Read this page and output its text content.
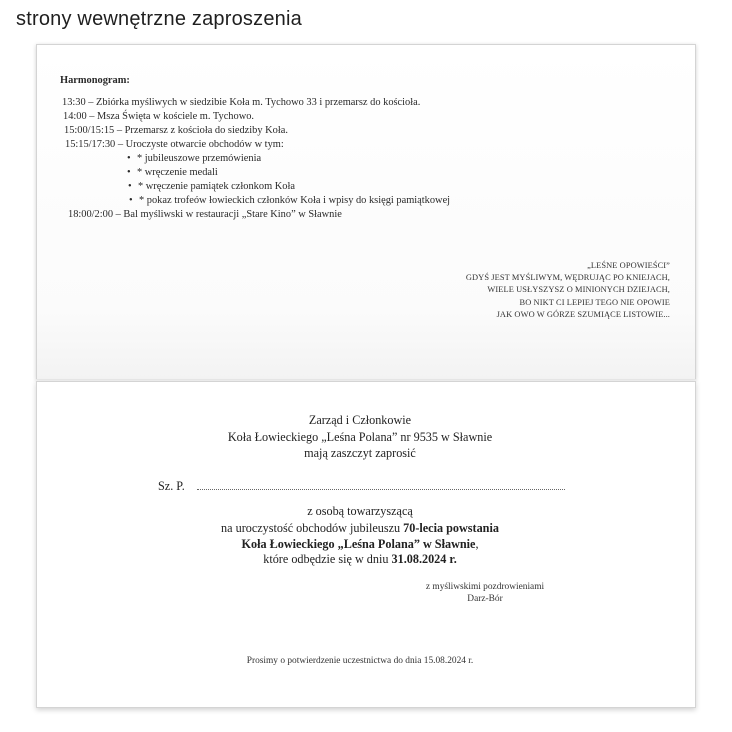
strony wewnętrzne zaproszenia
Harmonogram:
13:30 – Zbiórka myśliwych w siedzibie Koła m. Tychowo 33 i przemarsz do kościoła.
14:00 – Msza Święta w kościele m. Tychowo.
15:00/15:15 – Przemarsz z kościoła do siedziby Koła.
15:15/17:30 – Uroczyste otwarcie obchodów w tym:
• * jubileuszowe przemówienia
• * wręczenie medali
• * wręczenie pamiątek członkom Koła
• * pokaz trofeów łowieckich członków Koła i wpisy do księgi pamiątkowej
18:00/2:00 – Bal myśliwski w restauracji „Stare Kino” w Sławnie
„LEŚNE OPOWIEŚCI”
GDYŚ JEST MYŚLIWYM, WĘDRUJĄC PO KNIEJACH,
WIELE USŁYSZYSZ O MINIONYCH DZIEJACH,
BO NIKT CI LEPIEJ TEGO NIE OPOWIE
JAK OWO W GÓRZE SZUMIĄCE LISTOWIE...
Zarząd i Członkowie
Koła Łowieckiego „Leśna Polana” nr 9535 w Sławnie
mają zaszczyt zaprosić
Sz. P.
z osobą towarzyszącą
na uroczystość obchodów jubileuszu 70-lecia powstania
Koła Łowieckiego „Leśna Polana” w Sławnie,
które odbędzie się w dniu 31.08.2024 r.
z myśliwskimi pozdrowieniami
Darz-Bór
Prosimy o potwierdzenie uczestnictwa do dnia 15.08.2024 r.
